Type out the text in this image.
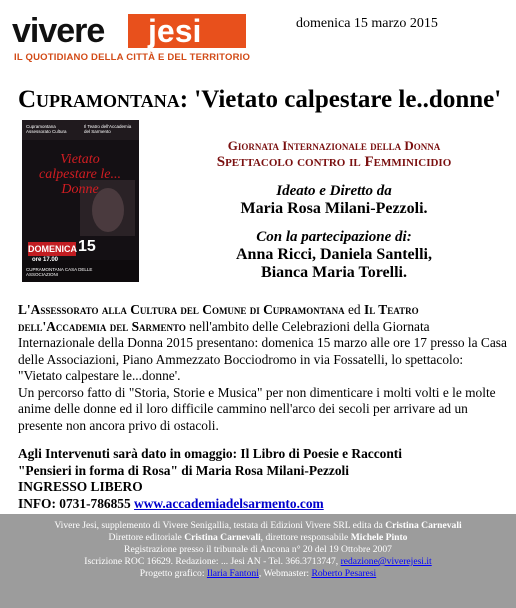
vivere jesi
IL QUOTIDIANO DELLA CITTÀ E DEL TERRITORIO
domenica 15 marzo 2015
Cupramontana: 'Vietato calpestare le..donne'
Cupramontana Assessorato Cultura
Il Teatro dell'Accademia del Sarmento
Vietato calpestare le... Donne
DOMENICA 15
ore 17.00
CUPRAMONTANA CASA DELLE ASSOCIAZIONI
Giornata Internazionale della Donna
Spettacolo contro il Femminicidio
Ideato e Diretto da
Maria Rosa Milani-Pezzoli.
Con la partecipazione di:
Anna Ricci, Daniela Santelli,
Bianca Maria Torelli.

L'Assessorato alla Cultura del Comune di Cupramontana ed Il Teatro dell'Accademia del Sarmento nell'ambito delle Celebrazioni della Giornata Internazionale della Donna 2015 presentano: domenica 15 marzo alle ore 17 presso la Casa delle Associazioni, Piano Ammezzato Bocciodromo in via Fossatelli, lo spettacolo: "Vietato calpestare le...donne'.

Un percorso fatto di "Storia, Storie e Musica" per non dimenticare i molti volti e le molte anime delle donne ed il loro difficile cammino nell'arco dei secoli per arrivare ad un presente non ancora privo di ostacoli.

Agli Intervenuti sarà dato in omaggio: Il Libro di Poesie e Racconti
"Pensieri in forma di Rosa" di Maria Rosa Milani-Pezzoli
INGRESSO LIBERO
INFO: 0731-786855 www.accademiadelsarmento.com
Vivere Jesi, supplemento di Vivere Senigallia, testata di Edizioni Vivere SRL edita da Cristina Carnevali
Direttore editoriale Cristina Carnevali, direttore responsabile Michele Pinto
Registrazione presso il tribunale di Ancona n° 20 del 19 Ottobre 2007
Iscrizione ROC 16629. Redazione: ... Jesi AN - Tel. 366.3713747, redazione@viverejesi.it
Progetto grafico: Ilaria Fantoni, Webmaster: Roberto Pesaresi
